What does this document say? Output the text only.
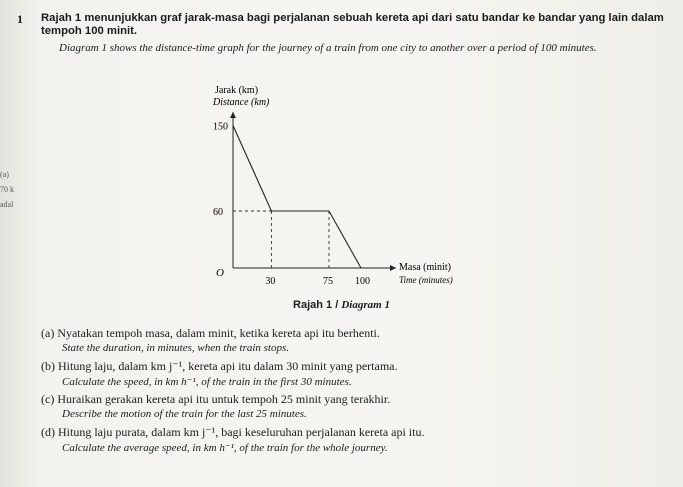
1 Rajah 1 menunjukkan graf jarak-masa bagi perjalanan sebuah kereta api dari satu bandar ke bandar yang lain dalam tempoh 100 minit.
Diagram 1 shows the distance-time graph for the journey of a train from one city to another over a period of 100 minutes.
(a)
70 k
adal
Jarak (km)
Distance (km)
O	Masa (minit)
Time (minutes)
30	75 100
60
150
Rajah 1 / Diagram 1
(a) Nyatakan tempoh masa, dalam minit, ketika kereta api itu berhenti.
State the duration, in minutes, when the train stops.
(b) Hitung laju, dalam km j⁻¹, kereta api itu dalam 30 minit yang pertama.
Calculate the speed, in km h⁻¹, of the train in the first 30 minutes.
(c) Huraikan gerakan kereta api itu untuk tempoh 25 minit yang terakhir.
Describe the motion of the train for the last 25 minutes.
(d) Hitung laju purata, dalam km j⁻¹, bagi keseluruhan perjalanan kereta api itu.
Calculate the average speed, in km h⁻¹, of the train for the whole journey.
